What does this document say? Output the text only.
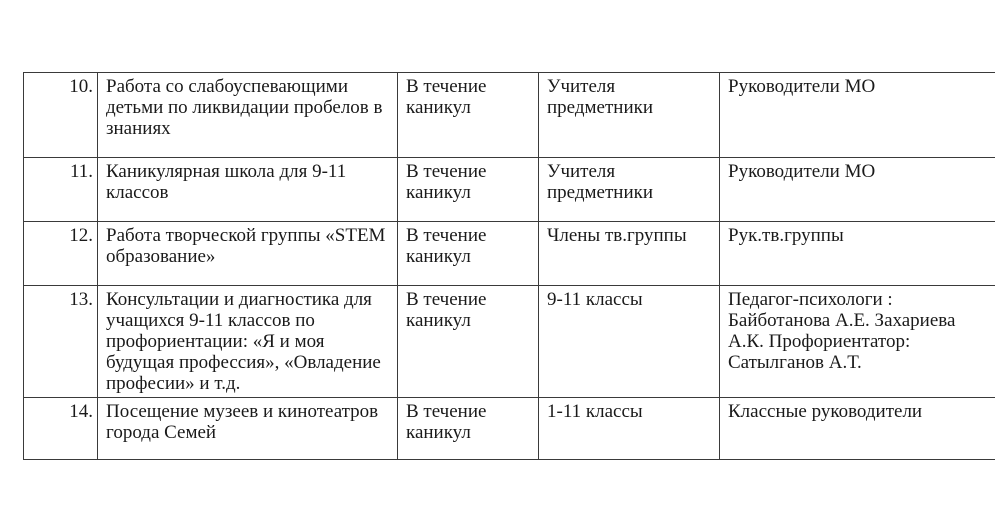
10.	Работа со слабоуспевающими детьми по ликвидации пробелов в знаниях	В течение каникул	Учителя предметники	Руководители МО
11.	Каникулярная школа для 9-11 классов	В течение каникул	Учителя предметники	Руководители МО
12.	Работа творческой группы «STEM образование»	В течение каникул	Члены тв.группы	Рук.тв.группы
13.	Консультации и диагностика для учащихся 9-11 классов по профориентации: «Я и моя будущая профессия», «Овладение професии» и т.д.	В течение каникул	9-11 классы	Педагог-психологи : Байботанова А.Е. Захариева А.К. Профориентатор: Сатылганов А.Т.
14.	Посещение музеев и кинотеатров города Семей	В течение каникул	1-11 классы	Классные руководители
